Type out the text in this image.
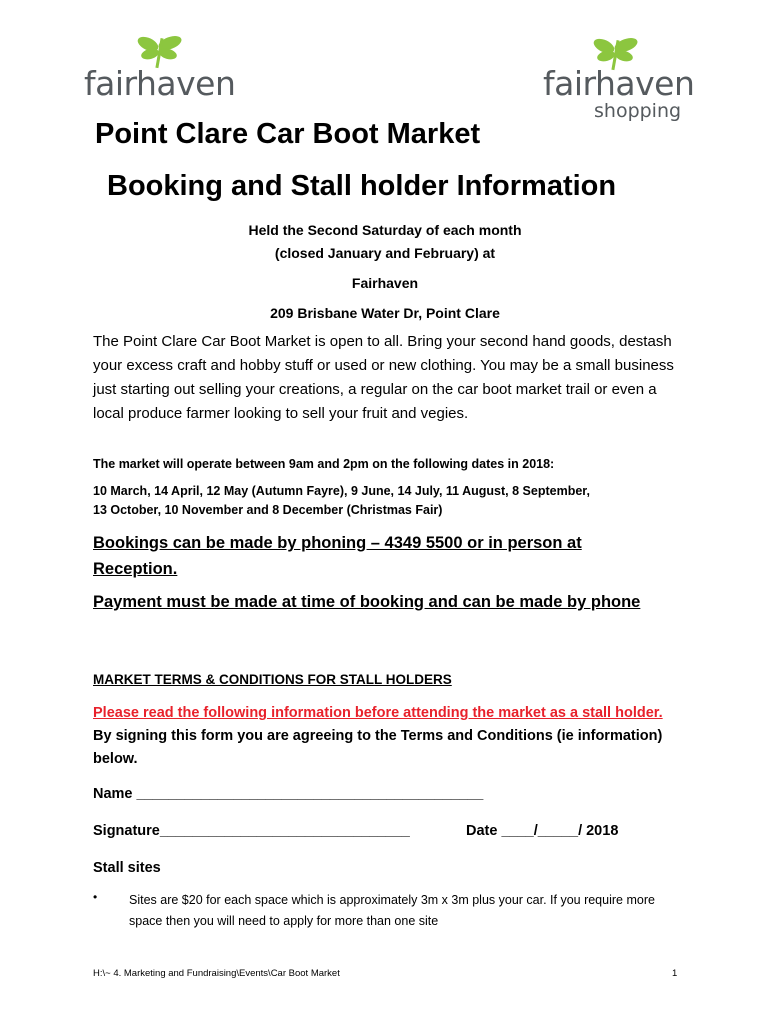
fairhaven	fairhaven
shopping
Point Clare Car Boot Market
Booking and Stall holder Information
Held the Second Saturday of each month
(closed January and February) at
Fairhaven
209 Brisbane Water Dr, Point Clare
The Point Clare Car Boot Market is open to all. Bring your second hand goods, destash your excess craft and hobby stuff or used or new clothing. You may be a small business just starting out selling your creations, a regular on the car boot market trail or even a local produce farmer looking to sell your fruit and vegies.
The market will operate between 9am and 2pm on the following dates in 2018:
10 March, 14 April, 12 May (Autumn Fayre), 9 June, 14 July, 11 August, 8 September,
13 October, 10 November and 8 December (Christmas Fair)
Bookings can be made by phoning – 4349 5500 or in person at Reception.
Payment must be made at time of booking and can be made by phone
MARKET TERMS & CONDITIONS FOR STALL HOLDERS
Please read the following information before attending the market as a stall holder. By signing this form you are agreeing to the Terms and Conditions (ie information) below.
Name ___________________________________________
Signature_______________________________	Date ____/_____/ 2018
Stall sites
•	Sites are $20 for each space which is approximately 3m x 3m plus your car. If you require more space then you will need to apply for more than one site
H:\~ 4. Marketing and Fundraising\Events\Car Boot Market	1
